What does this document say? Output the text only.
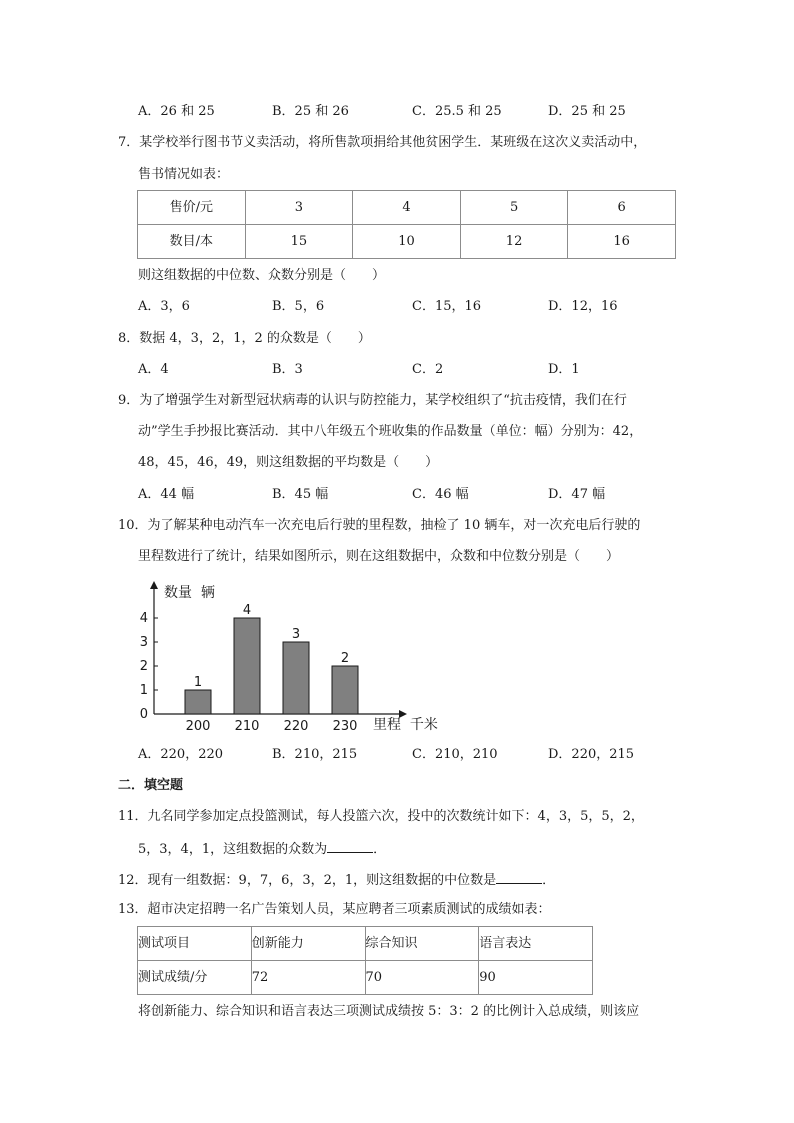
A．26 和 25	B．25 和 26	C．25.5 和 25	D．25 和 25
7．某学校举行图书节义卖活动，将所售款项捐给其他贫困学生．某班级在这次义卖活动中，
售书情况如表：
售价/元	3	4	5	6
数目/本	15	10	12	16
则这组数据的中位数、众数分别是（　　）
A．3，6	B．5，6	C．15，16	D．12，16
8．数据 4，3，2，1，2 的众数是（　　）
A．4	B．3	C．2	D．1
9．为了增强学生对新型冠状病毒的认识与防控能力，某学校组织了“抗击疫情，我们在行
动”学生手抄报比赛活动．其中八年级五个班收集的作品数量（单位：幅）分别为：42，
48，45，46，49，则这组数据的平均数是（　　）
A．44 幅	B．45 幅	C．46 幅	D．47 幅
10．为了解某种电动汽车一次充电后行驶的里程数，抽检了 10 辆车，对一次充电后行驶的
里程数进行了统计，结果如图所示，则在这组数据中，众数和中位数分别是（　　）
数量  辆
里程  千米
0
1
2
3
4
1
200
4
210
3
220
2
230
A．220，220	B．210，215	C．210，210	D．220，215
二．填空题
11．九名同学参加定点投篮测试，每人投篮六次，投中的次数统计如下：4，3，5，5，2，
5，3，4，1，这组数据的众数为	．
12．现有一组数据：9，7，6，3，2，1，则这组数据的中位数是	．
13．超市决定招聘一名广告策划人员，某应聘者三项素质测试的成绩如表：
测试项目	创新能力	综合知识	语言表达
测试成绩/分	72	70	90
将创新能力、综合知识和语言表达三项测试成绩按 5：3：2 的比例计入总成绩，则该应
